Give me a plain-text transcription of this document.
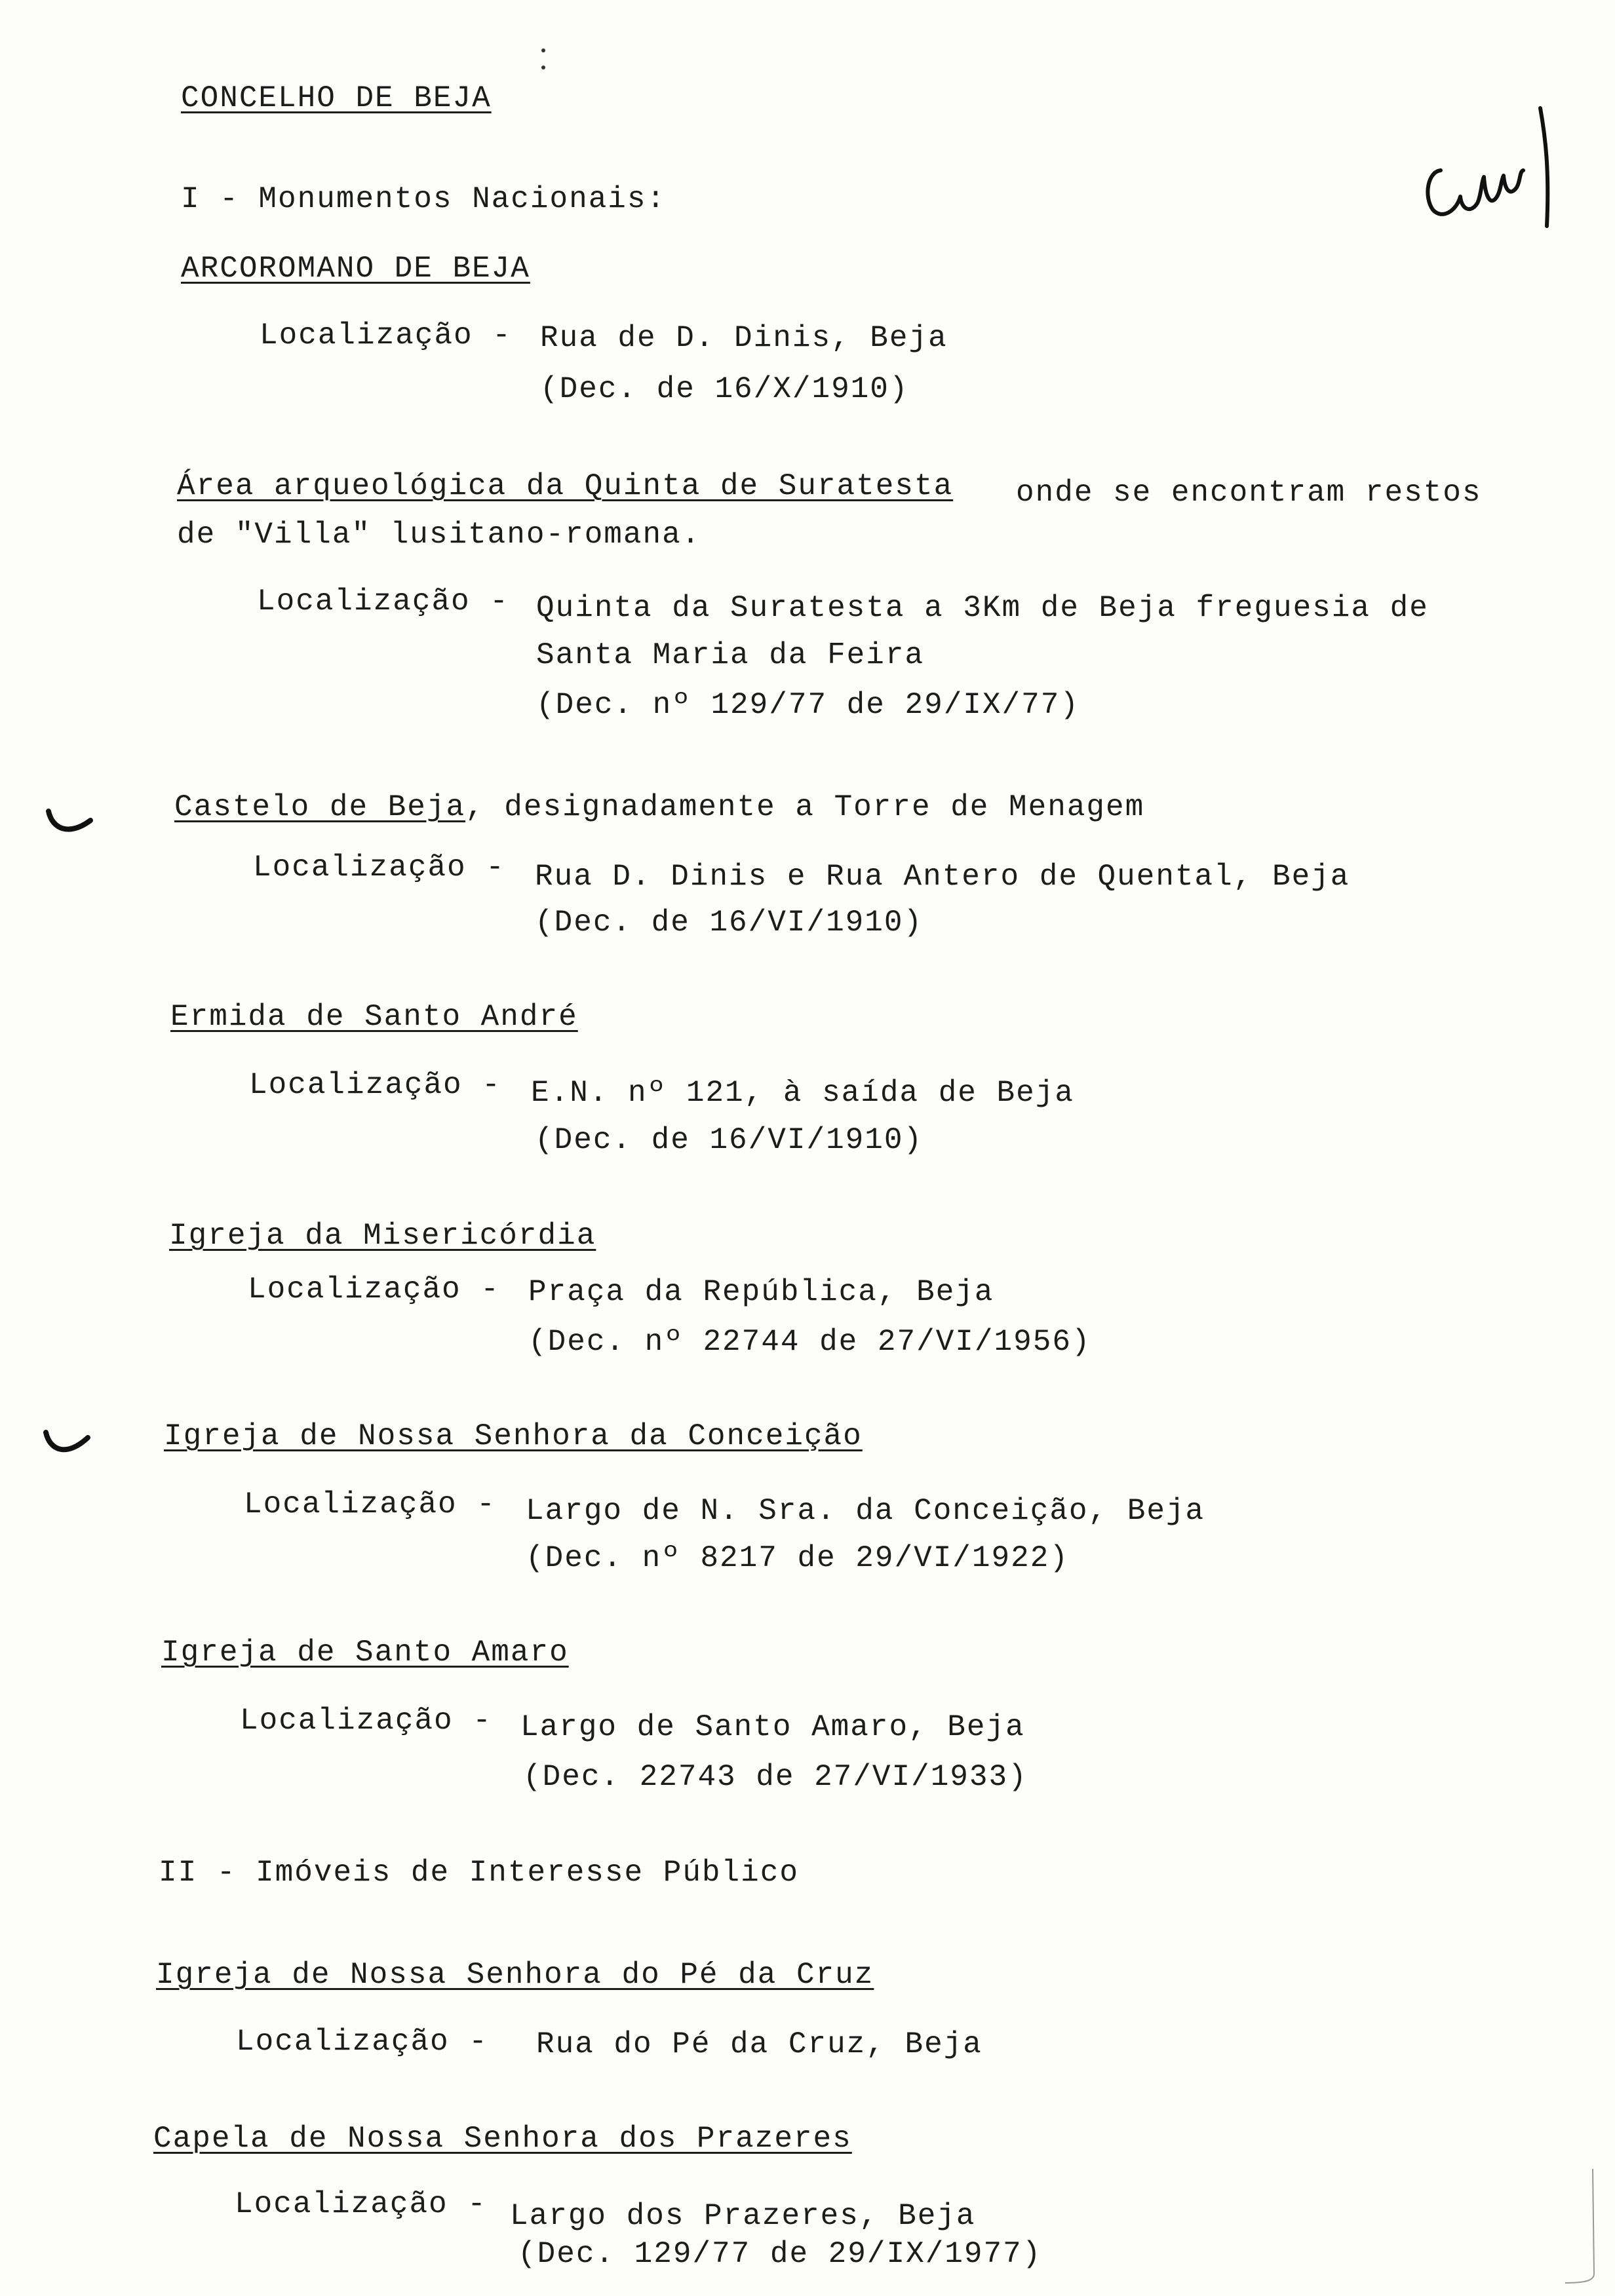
CONCELHO DE BEJA
I - Monumentos Nacionais:
ARCOROMANO DE BEJA
Localização - Rua de D. Dinis, Beja
(Dec. de 16/X/1910)
Área arqueológica da Quinta de Suratesta onde se encontram restos
de "Villa" lusitano-romana.
Localização - Quinta da Suratesta a 3Km de Beja freguesia de
Santa Maria da Feira
(Dec. nº 129/77 de 29/IX/77)
Castelo de Beja, designadamente a Torre de Menagem
Localização - Rua D. Dinis e Rua Antero de Quental, Beja
(Dec. de 16/VI/1910)
Ermida de Santo André
Localização - E.N. nº 121, à saída de Beja
(Dec. de 16/VI/1910)
Igreja da Misericórdia
Localização - Praça da República, Beja
(Dec. nº 22744 de 27/VI/1956)
Igreja de Nossa Senhora da Conceição
Localização - Largo de N. Sra. da Conceição, Beja
(Dec. nº 8217 de 29/VI/1922)
Igreja de Santo Amaro
Localização - Largo de Santo Amaro, Beja
(Dec. 22743 de 27/VI/1933)
II - Imóveis de Interesse Público
Igreja de Nossa Senhora do Pé da Cruz
Localização - Rua do Pé da Cruz, Beja
Capela de Nossa Senhora dos Prazeres
Localização - Largo dos Prazeres, Beja
(Dec. 129/77 de 29/IX/1977)
